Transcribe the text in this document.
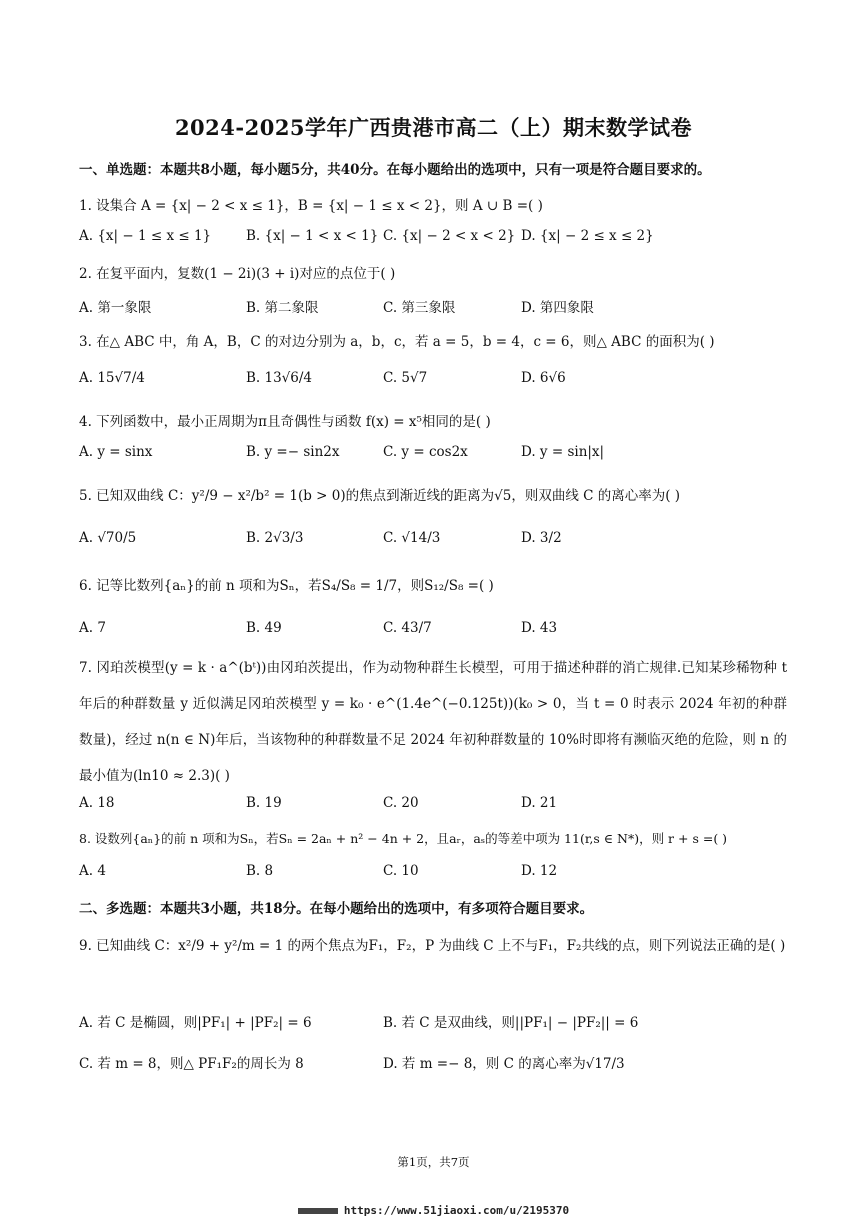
2024-2025学年广西贵港市高二（上）期末数学试卷
一、单选题：本题共8小题，每小题5分，共40分。在每小题给出的选项中，只有一项是符合题目要求的。
1. 设集合 A = {x| − 2 < x ≤ 1}，B = {x| − 1 ≤ x < 2}，则 A ∪ B =( )
A. {x| − 1 ≤ x ≤ 1}	B. {x| − 1 < x < 1} C. {x| − 2 < x < 2} D. {x| − 2 ≤ x ≤ 2}
2. 在复平面内，复数(1 − 2i)(3 + i)对应的点位于( )
A. 第一象限	B. 第二象限	C. 第三象限	D. 第四象限
3. 在△ ABC 中，角 A，B，C 的对边分别为 a，b，c，若 a = 5，b = 4，c = 6，则△ ABC 的面积为( )
A. 15√7/4	B. 13√6/4	C. 5√7	D. 6√6
4. 下列函数中，最小正周期为π且奇偶性与函数 f(x) = x⁵相同的是( )
A. y = sinx	B. y =− sin2x	C. y = cos2x	D. y = sin|x|
5. 已知双曲线 C：y²/9 − x²/b² = 1(b > 0)的焦点到渐近线的距离为√5，则双曲线 C 的离心率为( )
A. √70/5	B. 2√3/3	C. √14/3	D. 3/2
6. 记等比数列{aₙ}的前 n 项和为Sₙ，若S₄/S₈ = 1/7，则S₁₂/S₈ =( )
A. 7	B. 49	C. 43/7	D. 43
7. 冈珀茨模型(y = k · a^(bᵗ))由冈珀茨提出，作为动物种群生长模型，可用于描述种群的消亡规律.已知某珍稀物种 t 年后的种群数量 y 近似满足冈珀茨模型 y = k₀ · e^(1.4e^(−0.125t))(k₀ > 0，当 t = 0 时表示 2024 年初的种群数量)，经过 n(n ∈ N)年后，当该物种的种群数量不足 2024 年初种群数量的 10%时即将有濒临灭绝的危险，则 n 的最小值为(ln10 ≈ 2.3)( )
A. 18	B. 19	C. 20	D. 21
8. 设数列{aₙ}的前 n 项和为Sₙ，若Sₙ = 2aₙ + n² − 4n + 2，且aᵣ，aₛ的等差中项为 11(r,s ∈ N*)，则 r + s =( )
A. 4	B. 8	C. 10	D. 12
二、多选题：本题共3小题，共18分。在每小题给出的选项中，有多项符合题目要求。
9. 已知曲线 C：x²/9 + y²/m = 1 的两个焦点为F₁，F₂，P 为曲线 C 上不与F₁，F₂共线的点，则下列说法正确的是( )
A. 若 C 是椭圆，则|PF₁| + |PF₂| = 6	B. 若 C 是双曲线，则||PF₁| − |PF₂|| = 6
C. 若 m = 8，则△ PF₁F₂的周长为 8	D. 若 m =− 8，则 C 的离心率为√17/3
第1页，共7页
https://www.51jiaoxi.com/u/2195370
